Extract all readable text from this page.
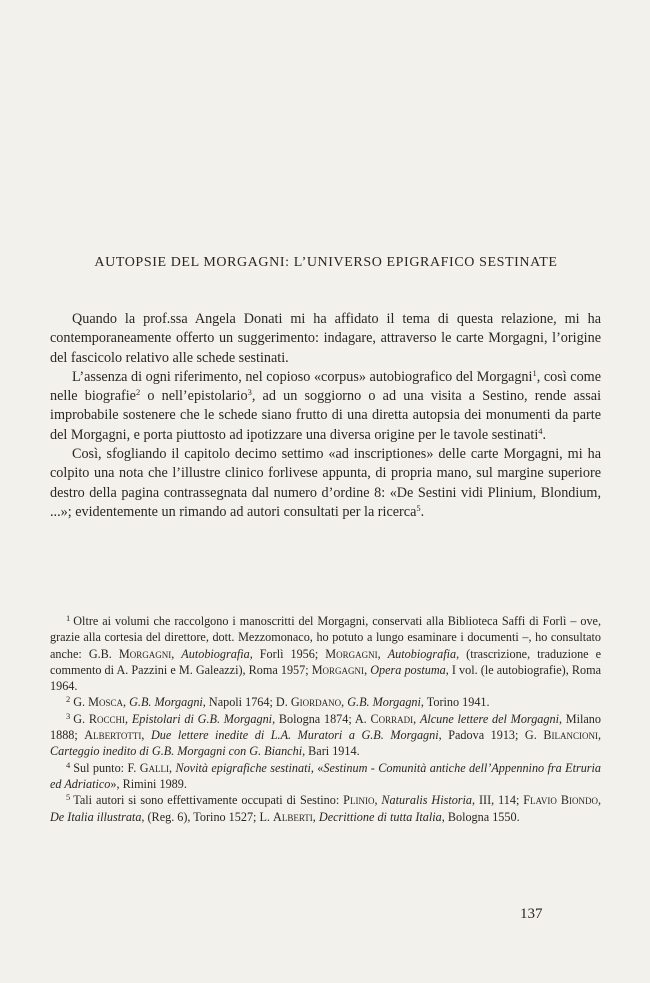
AUTOPSIE DEL MORGAGNI: L’UNIVERSO EPIGRAFICO SESTINATE

Quando la prof.ssa Angela Donati mi ha affidato il tema di questa relazione, mi ha contemporaneamente offerto un suggerimento: indagare, attraverso le carte Morgagni, l’origine del fascicolo relativo alle schede sestinati.

L’assenza di ogni riferimento, nel copioso «corpus» autobiografico del Morgagni$^1$, così come nelle biografie$^2$ o nell’epistolario$^3$, ad un soggiorno o ad una visita a Sestino, rende assai improbabile sostenere che le schede siano frutto di una diretta autopsia dei monumenti da parte del Morgagni, e porta piuttosto ad ipotizzare una diversa origine per le tavole sestinati$^4$.

Così, sfogliando il capitolo decimo settimo «ad inscriptiones» delle carte Morgagni, mi ha colpito una nota che l’illustre clinico forlivese appunta, di propria mano, sul margine superiore destro della pagina contrassegnata dal numero d’ordine 8: «De Sestini vidi Plinium, Blondium, ...»; evidentemente un rimando ad autori consultati per la ricerca$^5$.

$^1$ Oltre ai volumi che raccolgono i manoscritti del Morgagni, conservati alla Biblioteca Saffi di Forlì – ove, grazie alla cortesia del direttore, dott. Mezzomonaco, ho potuto a lungo esaminare i documenti –, ho consultato anche: G.B. Morgagni, Autobiografia, Forlì 1956; Morgagni, Autobiografia, (trascrizione, traduzione e commento di A. Pazzini e M. Galeazzi), Roma 1957; Morgagni, Opera postuma, I vol. (le autobiografie), Roma 1964.

$^2$ G. Mosca, G.B. Morgagni, Napoli 1764; D. Giordano, G.B. Morgagni, Torino 1941.

$^3$ G. Rocchi, Epistolari di G.B. Morgagni, Bologna 1874; A. Corradi, Alcune lettere del Morgagni, Milano 1888; Albertotti, Due lettere inedite di L.A. Muratori a G.B. Morgagni, Padova 1913; G. Bilancioni, Carteggio inedito di G.B. Morgagni con G. Bianchi, Bari 1914.

$^4$ Sul punto: F. Galli, Novità epigrafiche sestinati, «Sestinum - Comunità antiche dell’Appennino fra Etruria ed Adriatico», Rimini 1989.

$^5$ Tali autori si sono effettivamente occupati di Sestino: Plinio, Naturalis Historia, III, 114; Flavio Biondo, De Italia illustrata, (Reg. 6), Torino 1527; L. Alberti, Decrittione di tutta Italia, Bologna 1550.

137
